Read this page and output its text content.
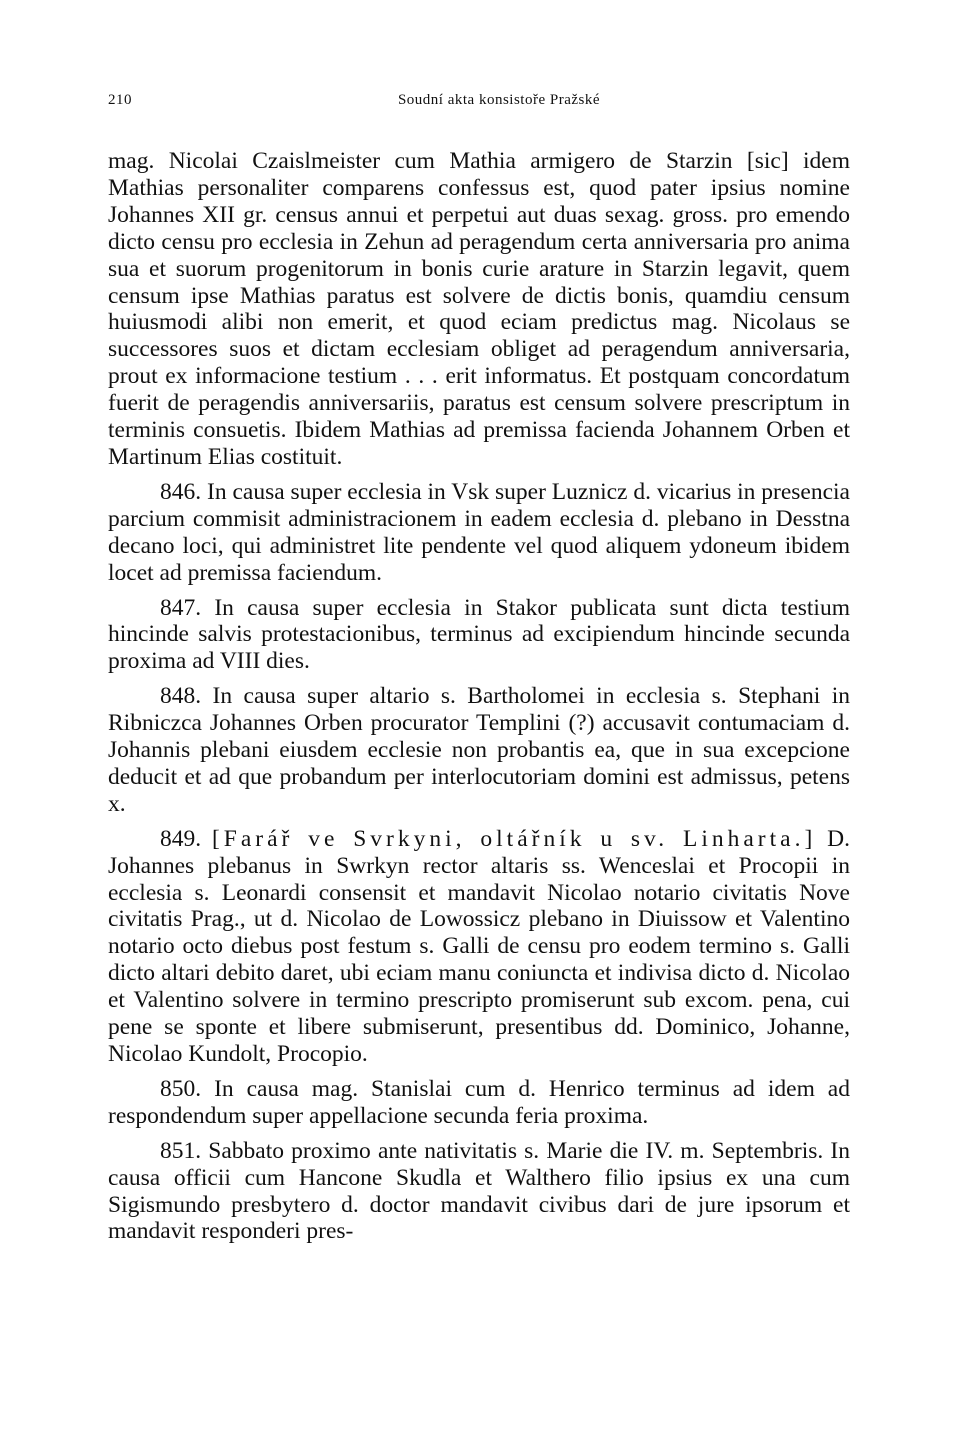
210	Soudní akta konsistoře Pražské

mag. Nicolai Czaislmeister cum Mathia armigero de Starzin [sic] idem Mathias personaliter comparens confessus est, quod pater ipsius nomine Johannes XII gr. census annui et perpetui aut duas sexag. gross. pro emendo dicto censu pro ecclesia in Zehun ad peragendum certa anniversaria pro anima sua et suorum progenitorum in bonis curie arature in Starzin legavit, quem censum ipse Mathias paratus est solvere de dictis bonis, quamdiu censum huiusmodi alibi non emerit, et quod eciam predictus mag. Nicolaus se successores suos et dictam ecclesiam obliget ad peragendum anniversaria, prout ex informacione testium . . . erit informatus. Et postquam concordatum fuerit de peragendis anniversariis, paratus est censum solvere prescriptum in terminis consuetis. Ibidem Mathias ad premissa facienda Johannem Orben et Martinum Elias costituit.

846. In causa super ecclesia in Vsk super Luznicz d. vicarius in presencia parcium commisit administracionem in eadem ecclesia d. plebano in Desstna decano loci, qui administret lite pendente vel quod aliquem ydoneum ibidem locet ad premissa faciendum.

847. In causa super ecclesia in Stakor publicata sunt dicta testium hincinde salvis protestacionibus, terminus ad excipiendum hincinde secunda proxima ad VIII dies.

848. In causa super altario s. Bartholomei in ecclesia s. Stephani in Ribniczca Johannes Orben procurator Templini (?) accusavit contumaciam d. Johannis plebani eiusdem ecclesie non probantis ea, que in sua excepcione deducit et ad que probandum per interlocutoriam domini est admissus, petens x.

849. [Farář ve Svrkyni, oltářník u sv. Linharta.] D. Johannes plebanus in Swrkyn rector altaris ss. Wenceslai et Procopii in ecclesia s. Leonardi consensit et mandavit Nicolao notario civitatis Nove civitatis Prag., ut d. Nicolao de Lowossicz plebano in Diuissow et Valentino notario octo diebus post festum s. Galli de censu pro eodem termino s. Galli dicto altari debito daret, ubi eciam manu coniuncta et indivisa dicto d. Nicolao et Valentino solvere in termino prescripto promiserunt sub excom. pena, cui pene se sponte et libere submiserunt, presentibus dd. Dominico, Johanne, Nicolao Kundolt, Procopio.

850. In causa mag. Stanislai cum d. Henrico terminus ad idem ad respondendum super appellacione secunda feria proxima.

851. Sabbato proximo ante nativitatis s. Marie die IV. m. Septembris. In causa officii cum Hancone Skudla et Walthero filio ipsius ex una cum Sigismundo presbytero d. doctor mandavit civibus dari de jure ipsorum et mandavit responderi pres-
